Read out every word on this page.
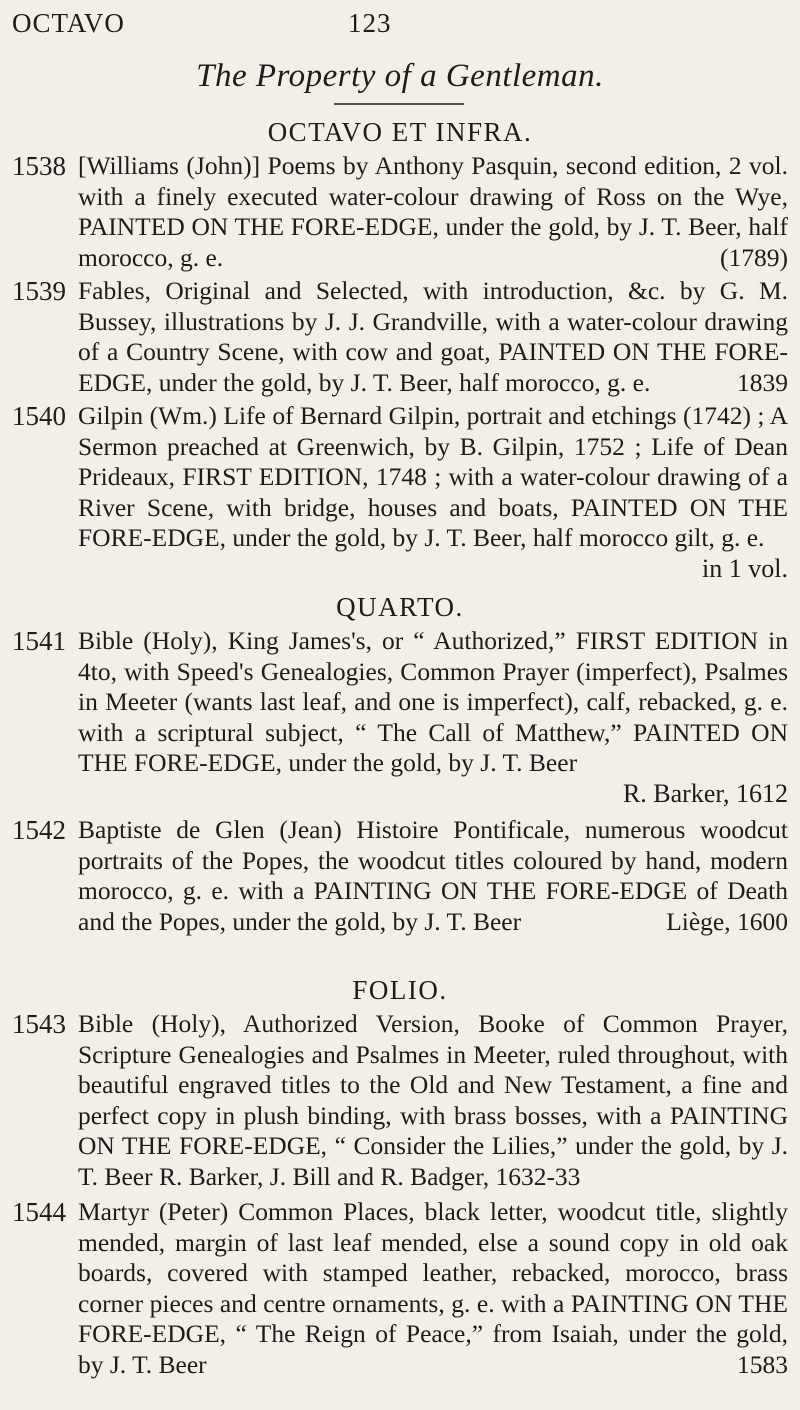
OCTAVO	123
The Property of a Gentleman.
OCTAVO ET INFRA.
1538 [Williams (John)] Poems by Anthony Pasquin, second edition, 2 vol. with a finely executed water-colour drawing of Ross on the Wye, PAINTED ON THE FORE-EDGE, under the gold, by J. T. Beer, half morocco, g. e.	(1789)
1539 Fables, Original and Selected, with introduction, &c. by G. M. Bussey, illustrations by J. J. Grandville, with a water-colour drawing of a Country Scene, with cow and goat, PAINTED ON THE FORE-EDGE, under the gold, by J. T. Beer, half morocco, g. e.	1839
1540 Gilpin (Wm.) Life of Bernard Gilpin, portrait and etchings (1742) ; A Sermon preached at Greenwich, by B. Gilpin, 1752 ; Life of Dean Prideaux, FIRST EDITION, 1748 ; with a water-colour drawing of a River Scene, with bridge, houses and boats, PAINTED ON THE FORE-EDGE, under the gold, by J. T. Beer, half morocco gilt, g. e.
in 1 vol.
QUARTO.
1541 Bible (Holy), King James's, or “ Authorized,” FIRST EDITION in 4to, with Speed's Genealogies, Common Prayer (imperfect), Psalmes in Meeter (wants last leaf, and one is imperfect), calf, rebacked, g. e. with a scriptural subject, “ The Call of Matthew,” PAINTED ON THE FORE-EDGE, under the gold, by J. T. Beer
R. Barker, 1612
1542 Baptiste de Glen (Jean) Histoire Pontificale, numerous woodcut portraits of the Popes, the woodcut titles coloured by hand, modern morocco, g. e. with a PAINTING ON THE FORE-EDGE of Death and the Popes, under the gold, by J. T. Beer	Liège, 1600
FOLIO.
1543 Bible (Holy), Authorized Version, Booke of Common Prayer, Scripture Genealogies and Psalmes in Meeter, ruled throughout, with beautiful engraved titles to the Old and New Testament, a fine and perfect copy in plush binding, with brass bosses, with a PAINTING ON THE FORE-EDGE, “ Consider the Lilies,” under the gold, by J. T. Beer R. Barker, J. Bill and R. Badger, 1632-33
1544 Martyr (Peter) Common Places, black letter, woodcut title, slightly mended, margin of last leaf mended, else a sound copy in old oak boards, covered with stamped leather, rebacked, morocco, brass corner pieces and centre ornaments, g. e. with a PAINTING ON THE FORE-EDGE, “ The Reign of Peace,” from Isaiah, under the gold, by J. T. Beer	1583
